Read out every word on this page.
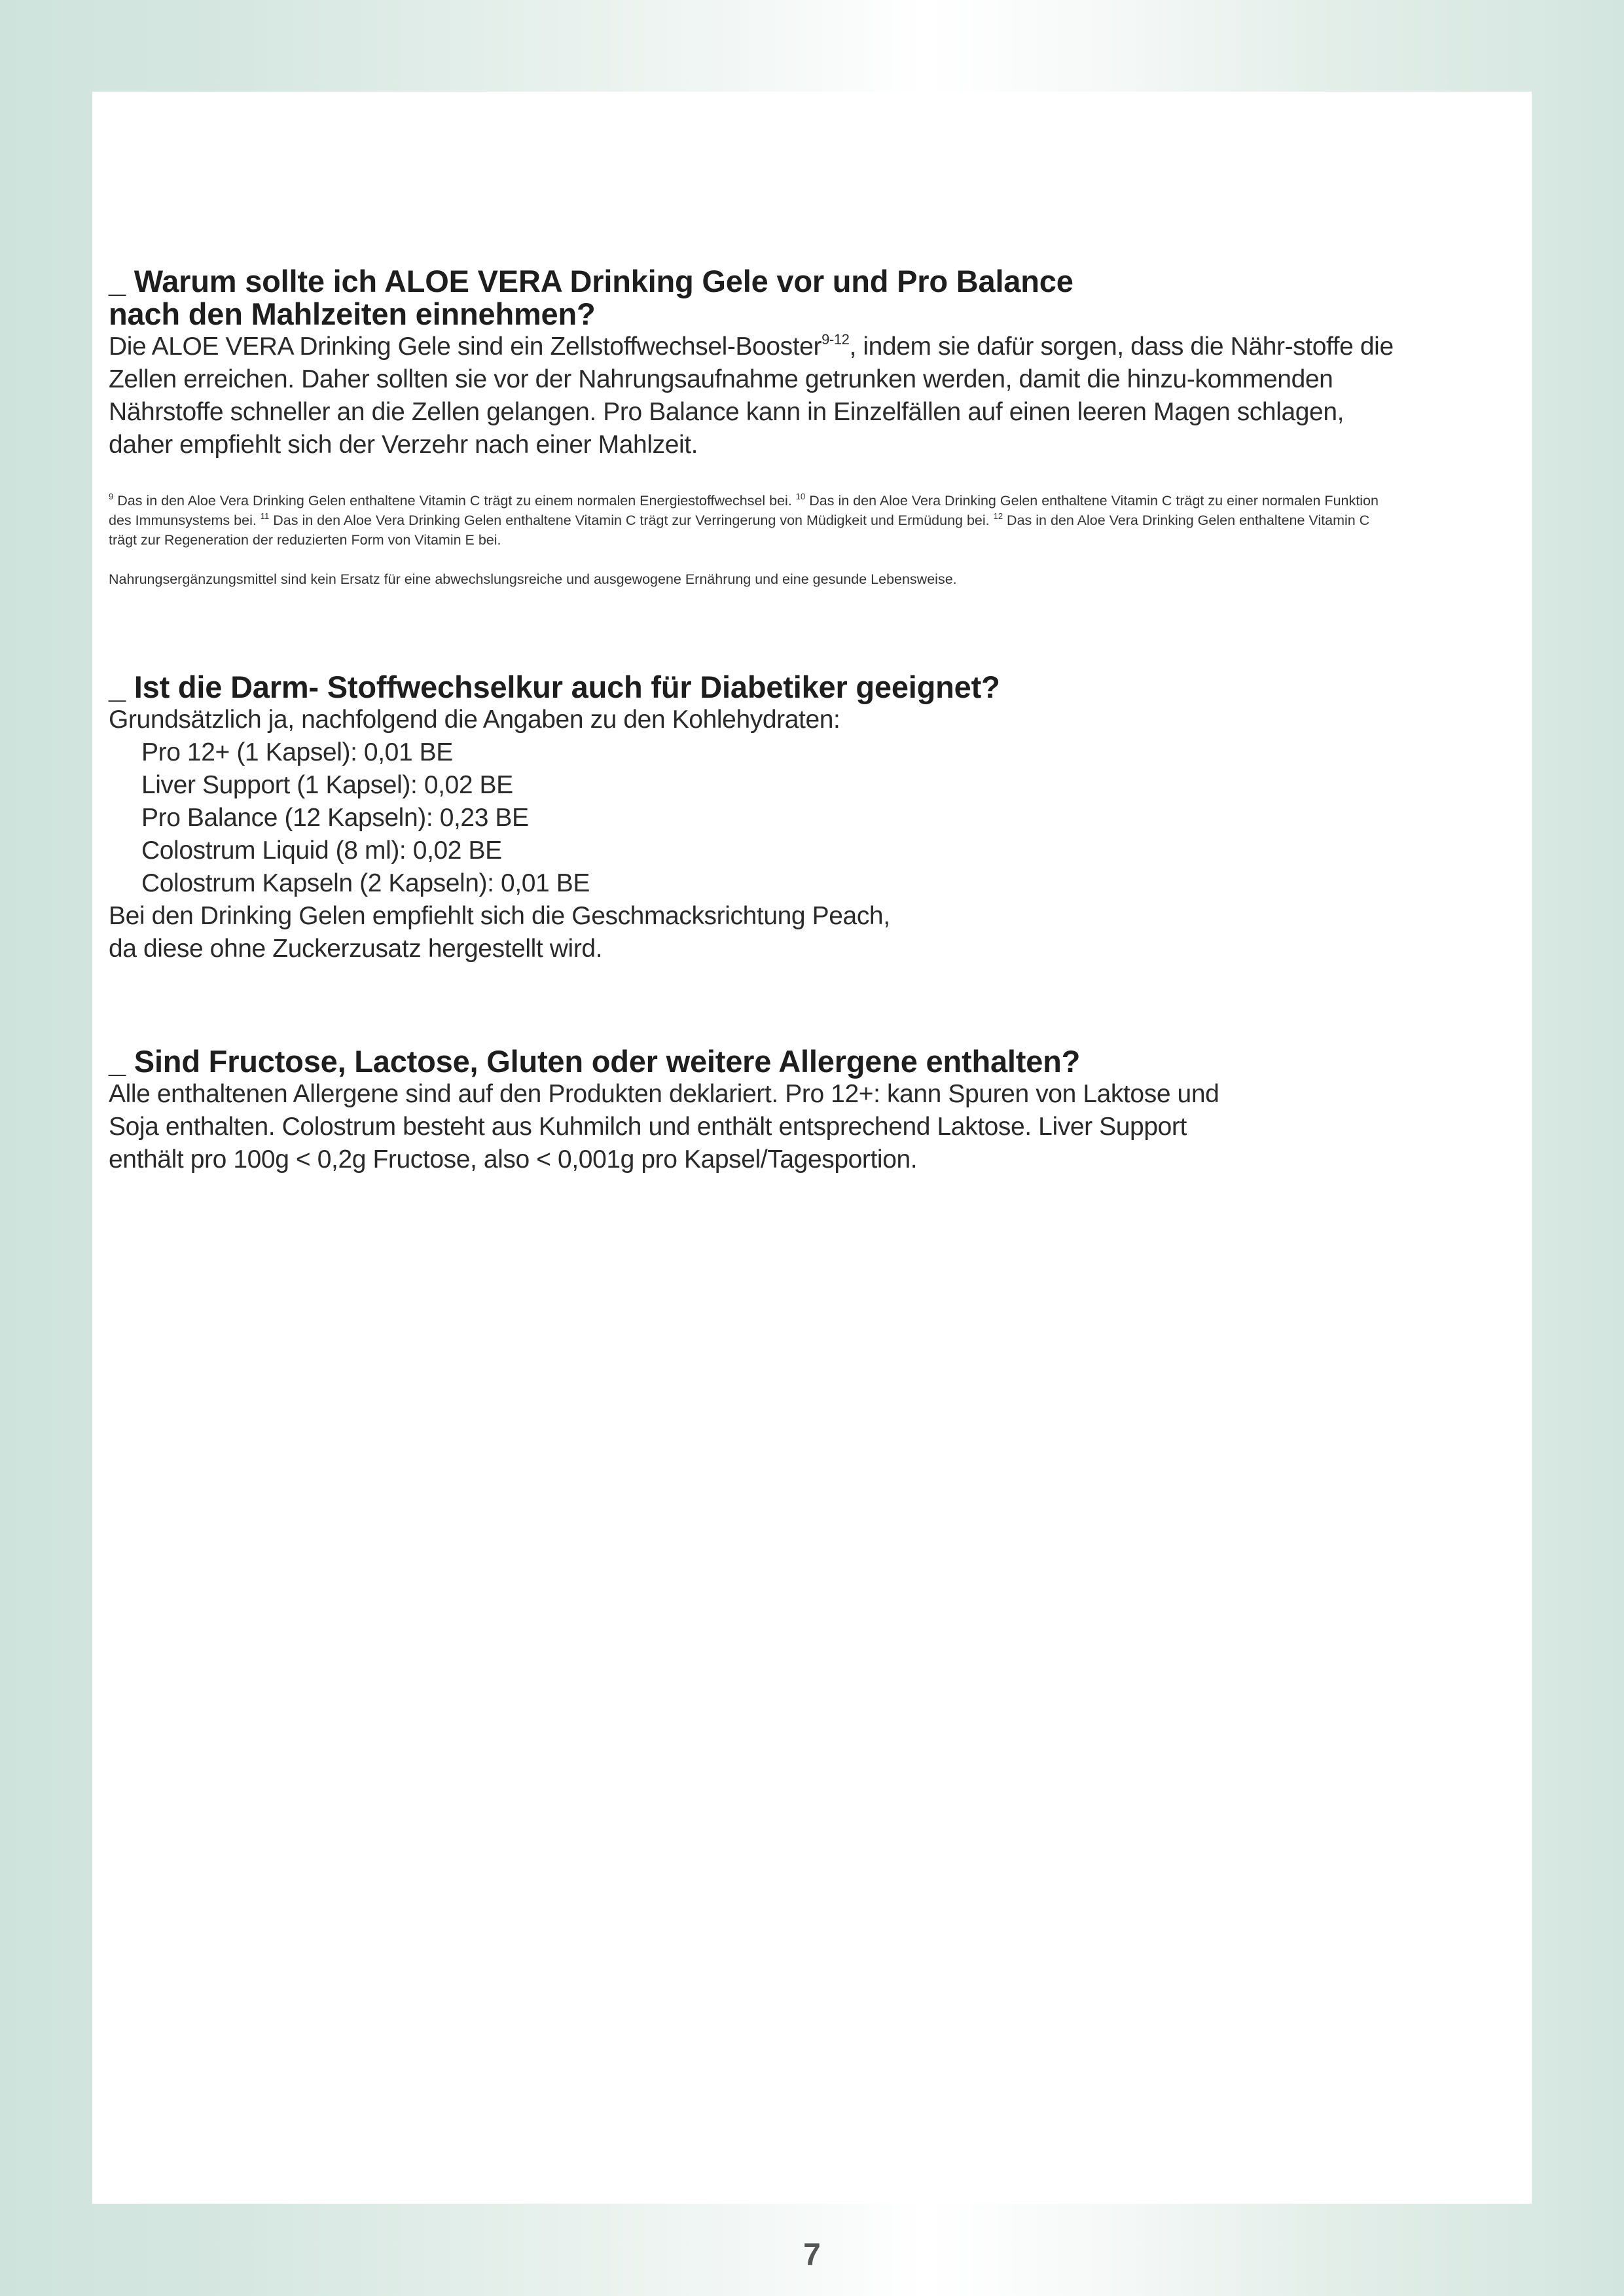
_ Warum sollte ich ALOE VERA Drinking Gele vor und Pro Balance
nach den Mahlzeiten einnehmen?

Die ALOE VERA Drinking Gele sind ein Zellstoffwechsel-Booster$^{9-12}$, indem sie dafür sorgen, dass die Nähr-stoffe die Zellen erreichen. Daher sollten sie vor der Nahrungsaufnahme getrunken werden, damit die hinzu-kommenden Nährstoffe schneller an die Zellen gelangen. Pro Balance kann in Einzelfällen auf einen leeren Magen schlagen, daher empfiehlt sich der Verzehr nach einer Mahlzeit.

$^9$ Das in den Aloe Vera Drinking Gelen enthaltene Vitamin C trägt zu einem normalen Energiestoffwechsel bei. $^{10}$ Das in den Aloe Vera Drinking Gelen enthaltene Vitamin C trägt zu einer normalen Funktion des Immunsystems bei. $^{11}$ Das in den Aloe Vera Drinking Gelen enthaltene Vitamin C trägt zur Verringerung von Müdigkeit und Ermüdung bei. $^{12}$ Das in den Aloe Vera Drinking Gelen enthaltene Vitamin C trägt zur Regeneration der reduzierten Form von Vitamin E bei.
Nahrungsergänzungsmittel sind kein Ersatz für eine abwechslungsreiche und ausgewogene Ernährung und eine gesunde Lebensweise.
_ Ist die Darm- Stoffwechselkur auch für Diabetiker geeignet?

Grundsätzlich ja, nachfolgend die Angaben zu den Kohlehydraten:

Pro 12+ (1 Kapsel): 0,01 BE
Liver Support (1 Kapsel): 0,02 BE
Pro Balance (12 Kapseln): 0,23 BE
Colostrum Liquid (8 ml): 0,02 BE
Colostrum Kapseln (2 Kapseln): 0,01 BE
Bei den Drinking Gelen empfiehlt sich die Geschmacksrichtung Peach,
da diese ohne Zuckerzusatz hergestellt wird.
_ Sind Fructose, Lactose, Gluten oder weitere Allergene enthalten?
Alle enthaltenen Allergene sind auf den Produkten deklariert. Pro 12+: kann Spuren von Laktose und
Soja enthalten. Colostrum besteht aus Kuhmilch und enthält entsprechend Laktose. Liver Support
enthält pro 100g < 0,2g Fructose, also < 0,001g pro Kapsel/Tagesportion.
7
